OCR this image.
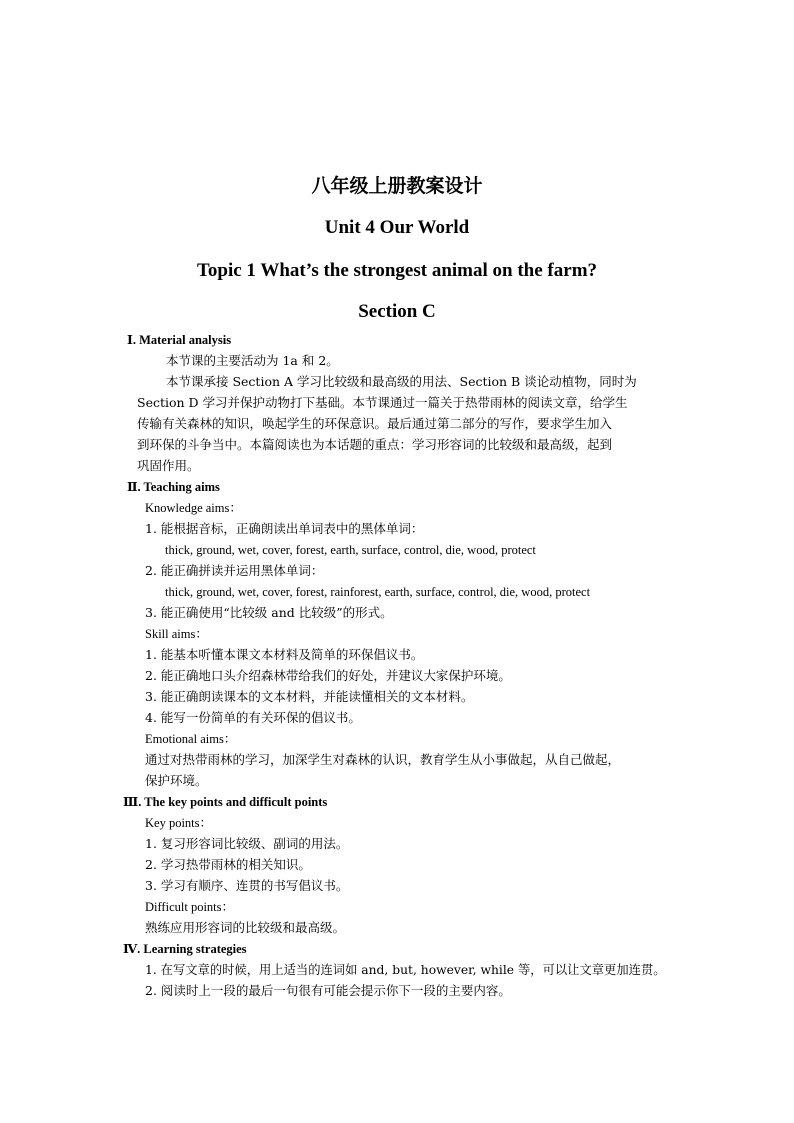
八年级上册教案设计
Unit 4 Our World
Topic 1 What’s the strongest animal on the farm?
Section C

Ⅰ. Material analysis

本节课的主要活动为 1a 和 2。

本节课承接 Section A 学习比较级和最高级的用法、Section B 谈论动植物，同时为

Section D 学习并保护动物打下基础。本节课通过一篇关于热带雨林的阅读文章，给学生

传输有关森林的知识，唤起学生的环保意识。最后通过第二部分的写作，要求学生加入

到环保的斗争当中。本篇阅读也为本话题的重点：学习形容词的比较级和最高级，起到

巩固作用。

Ⅱ. Teaching aims

Knowledge aims：

1. 能根据音标，正确朗读出单词表中的黑体单词：

thick, ground, wet, cover, forest, earth, surface, control, die, wood, protect

2. 能正确拼读并运用黑体单词：

thick, ground, wet, cover, forest, rainforest, earth, surface, control, die, wood, protect

3. 能正确使用“比较级 and 比较级”的形式。

Skill aims：

1. 能基本听懂本课文本材料及简单的环保倡议书。

2. 能正确地口头介绍森林带给我们的好处，并建议大家保护环境。

3. 能正确朗读课本的文本材料，并能读懂相关的文本材料。

4. 能写一份简单的有关环保的倡议书。

Emotional aims：

通过对热带雨林的学习，加深学生对森林的认识，教育学生从小事做起，从自己做起，

保护环境。

Ⅲ. The key points and difficult points

Key points：

1. 复习形容词比较级、副词的用法。

2. 学习热带雨林的相关知识。

3. 学习有顺序、连贯的书写倡议书。

Difficult points：

熟练应用形容词的比较级和最高级。

Ⅳ. Learning strategies

1. 在写文章的时候，用上适当的连词如 and, but, however, while 等，可以让文章更加连贯。

2. 阅读时上一段的最后一句很有可能会提示你下一段的主要内容。
